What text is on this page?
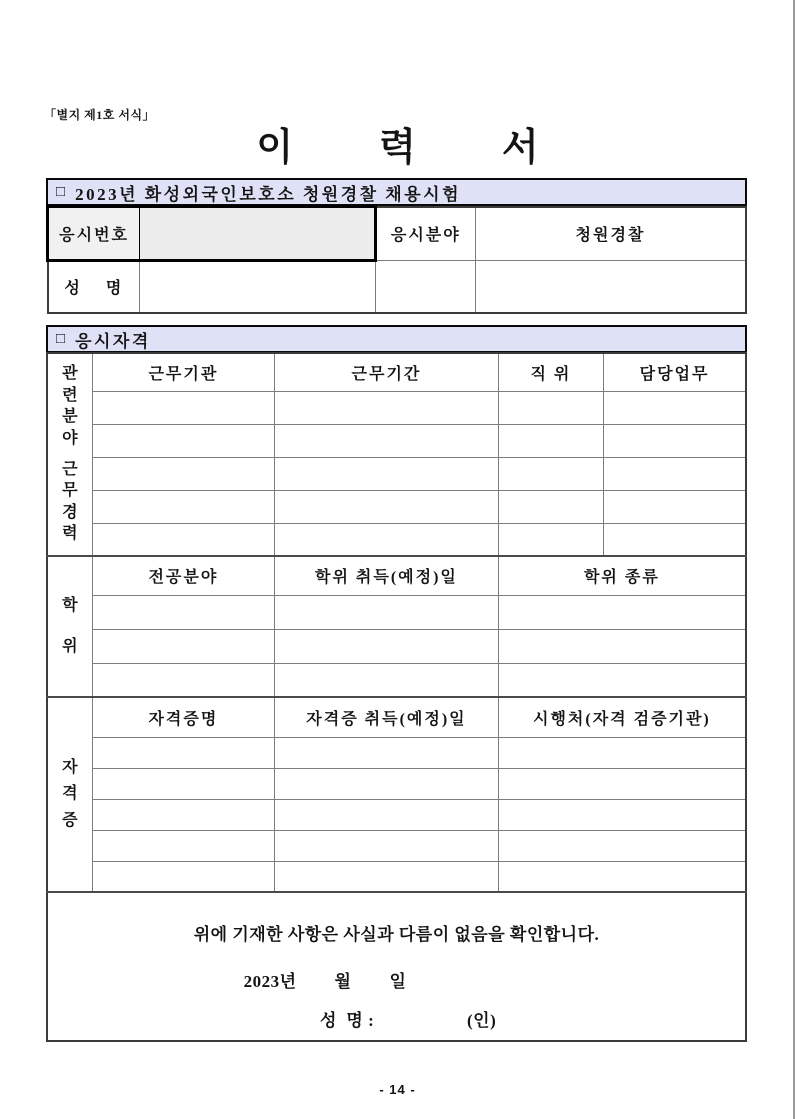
「별지 제1호 서식」
이 력 서
□ 2023년 화성외국인보호소 청원경찰 채용시험
응시번호		응시분야	청원경찰
성    명			
□ 응시자격
관
련
분
야
근
무
경
력
	근무기관	근무기간	직 위	담당업무

학
위	전공분야	학위 취득(예정)일	학위 종류	

자
격
증	자격증명	자격증 취득(예정)일	시행처(자격 검증기관)	

위에 기재한 사항은 사실과 다름이 없음을 확인합니다.
2023년        월        일
성  명 : (인)				
- 14 -
